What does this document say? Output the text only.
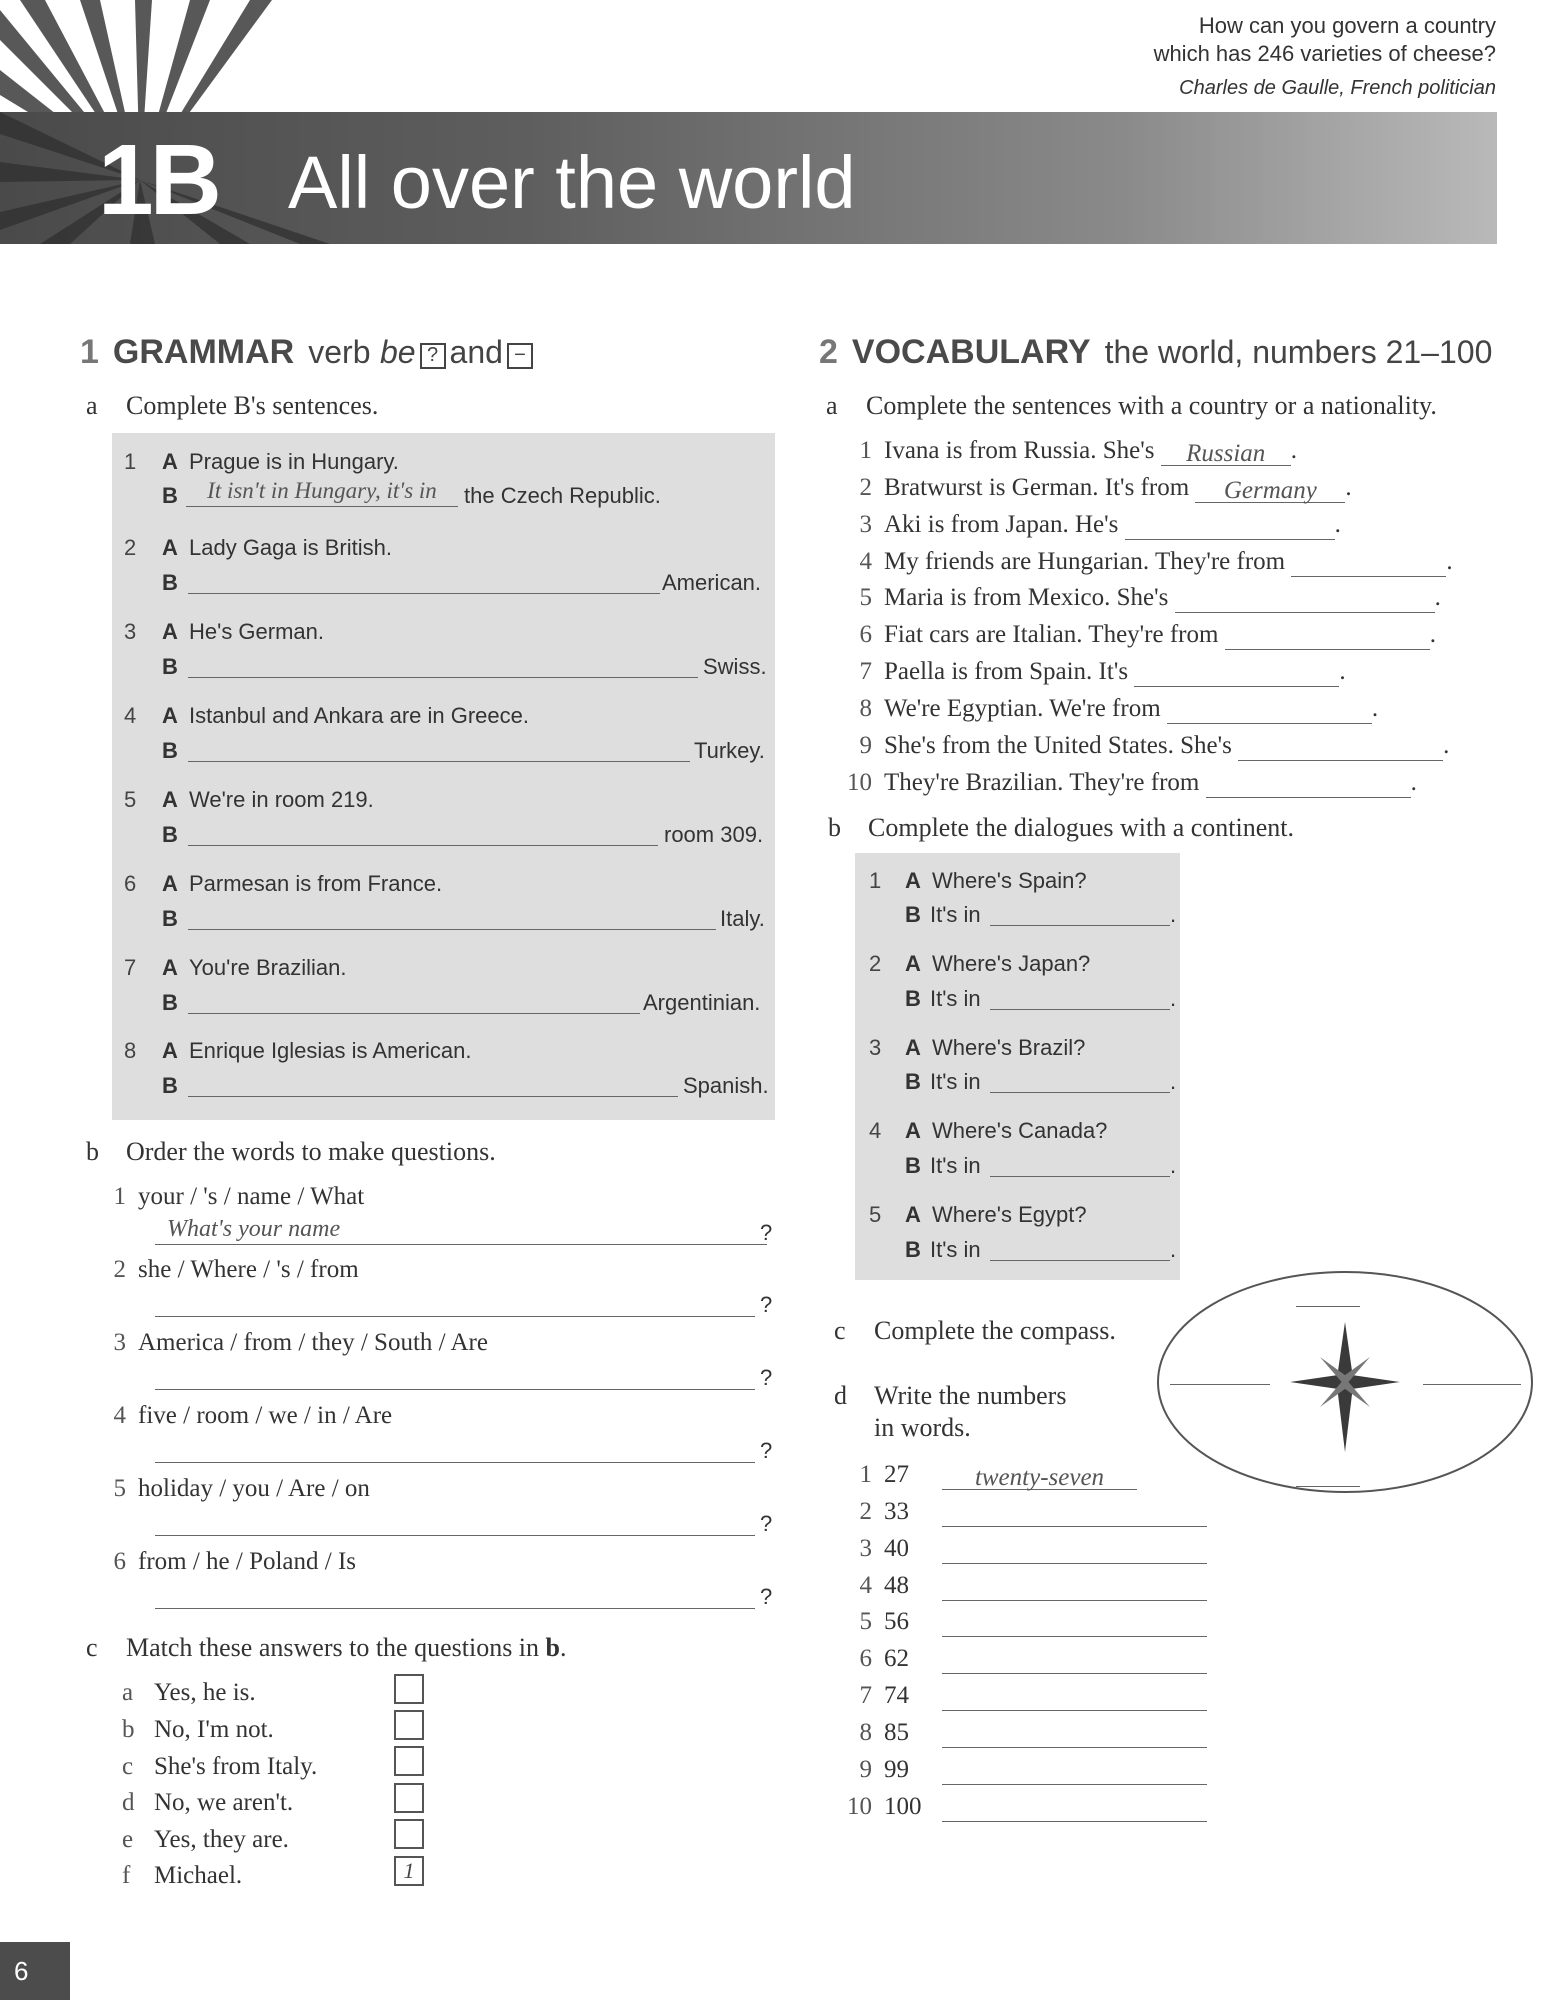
How can you govern a country
which has 246 varieties of cheese?
Charles de Gaulle, French politician
1B All over the world
1 GRAMMAR verb be ? and −
a Complete B's sentences.
1 A Prague is in Hungary.
B	It isn't in Hungary, it's in	the Czech Republic.
2 A Lady Gaga is British.
B	American.
3 A He's German.
B	Swiss.
4 A Istanbul and Ankara are in Greece.
B	Turkey.
5 A We're in room 219.
B	room 309.
6 A Parmesan is from France.
B	Italy.
7 A You're Brazilian.
B	Argentinian.
8 A Enrique Iglesias is American.
B	Spanish.
b Order the words to make questions.
1 your / 's / name / What
What's your name	?
2 she / Where / 's / from
?
3 America / from / they / South / Are
?
4 five / room / we / in / Are
?
5 holiday / you / Are / on
?
6 from / he / Poland / Is
?
c Match these answers to the questions in b.
a Yes, he is.
b No, I'm not.
c She's from Italy.
d No, we aren't.
e Yes, they are.
f Michael.	1
2 VOCABULARY the world, numbers 21–100
a Complete the sentences with a country or a nationality.
1 Ivana is from Russia. She's Russian .
2 Bratwurst is German. It's from Germany .
3 Aki is from Japan. He's	.
4 My friends are Hungarian. They're from	.
5 Maria is from Mexico. She's	.
6 Fiat cars are Italian. They're from	.
7 Paella is from Spain. It's	.
8 We're Egyptian. We're from	.
9 She's from the United States. She's	.
10 They're Brazilian. They're from	.
b Complete the dialogues with a continent.
1 A Where's Spain?
B It's in	.
2 A Where's Japan?
B It's in	.
3 A Where's Brazil?
B It's in	.
4 A Where's Canada?
B It's in	.
5 A Where's Egypt?
B It's in	.
c Complete the compass.
d Write the numbers
in words.
1 27	twenty-seven
2 33
3 40
4 48
5 56
6 62
7 74
8 85
9 99
10 100
6
